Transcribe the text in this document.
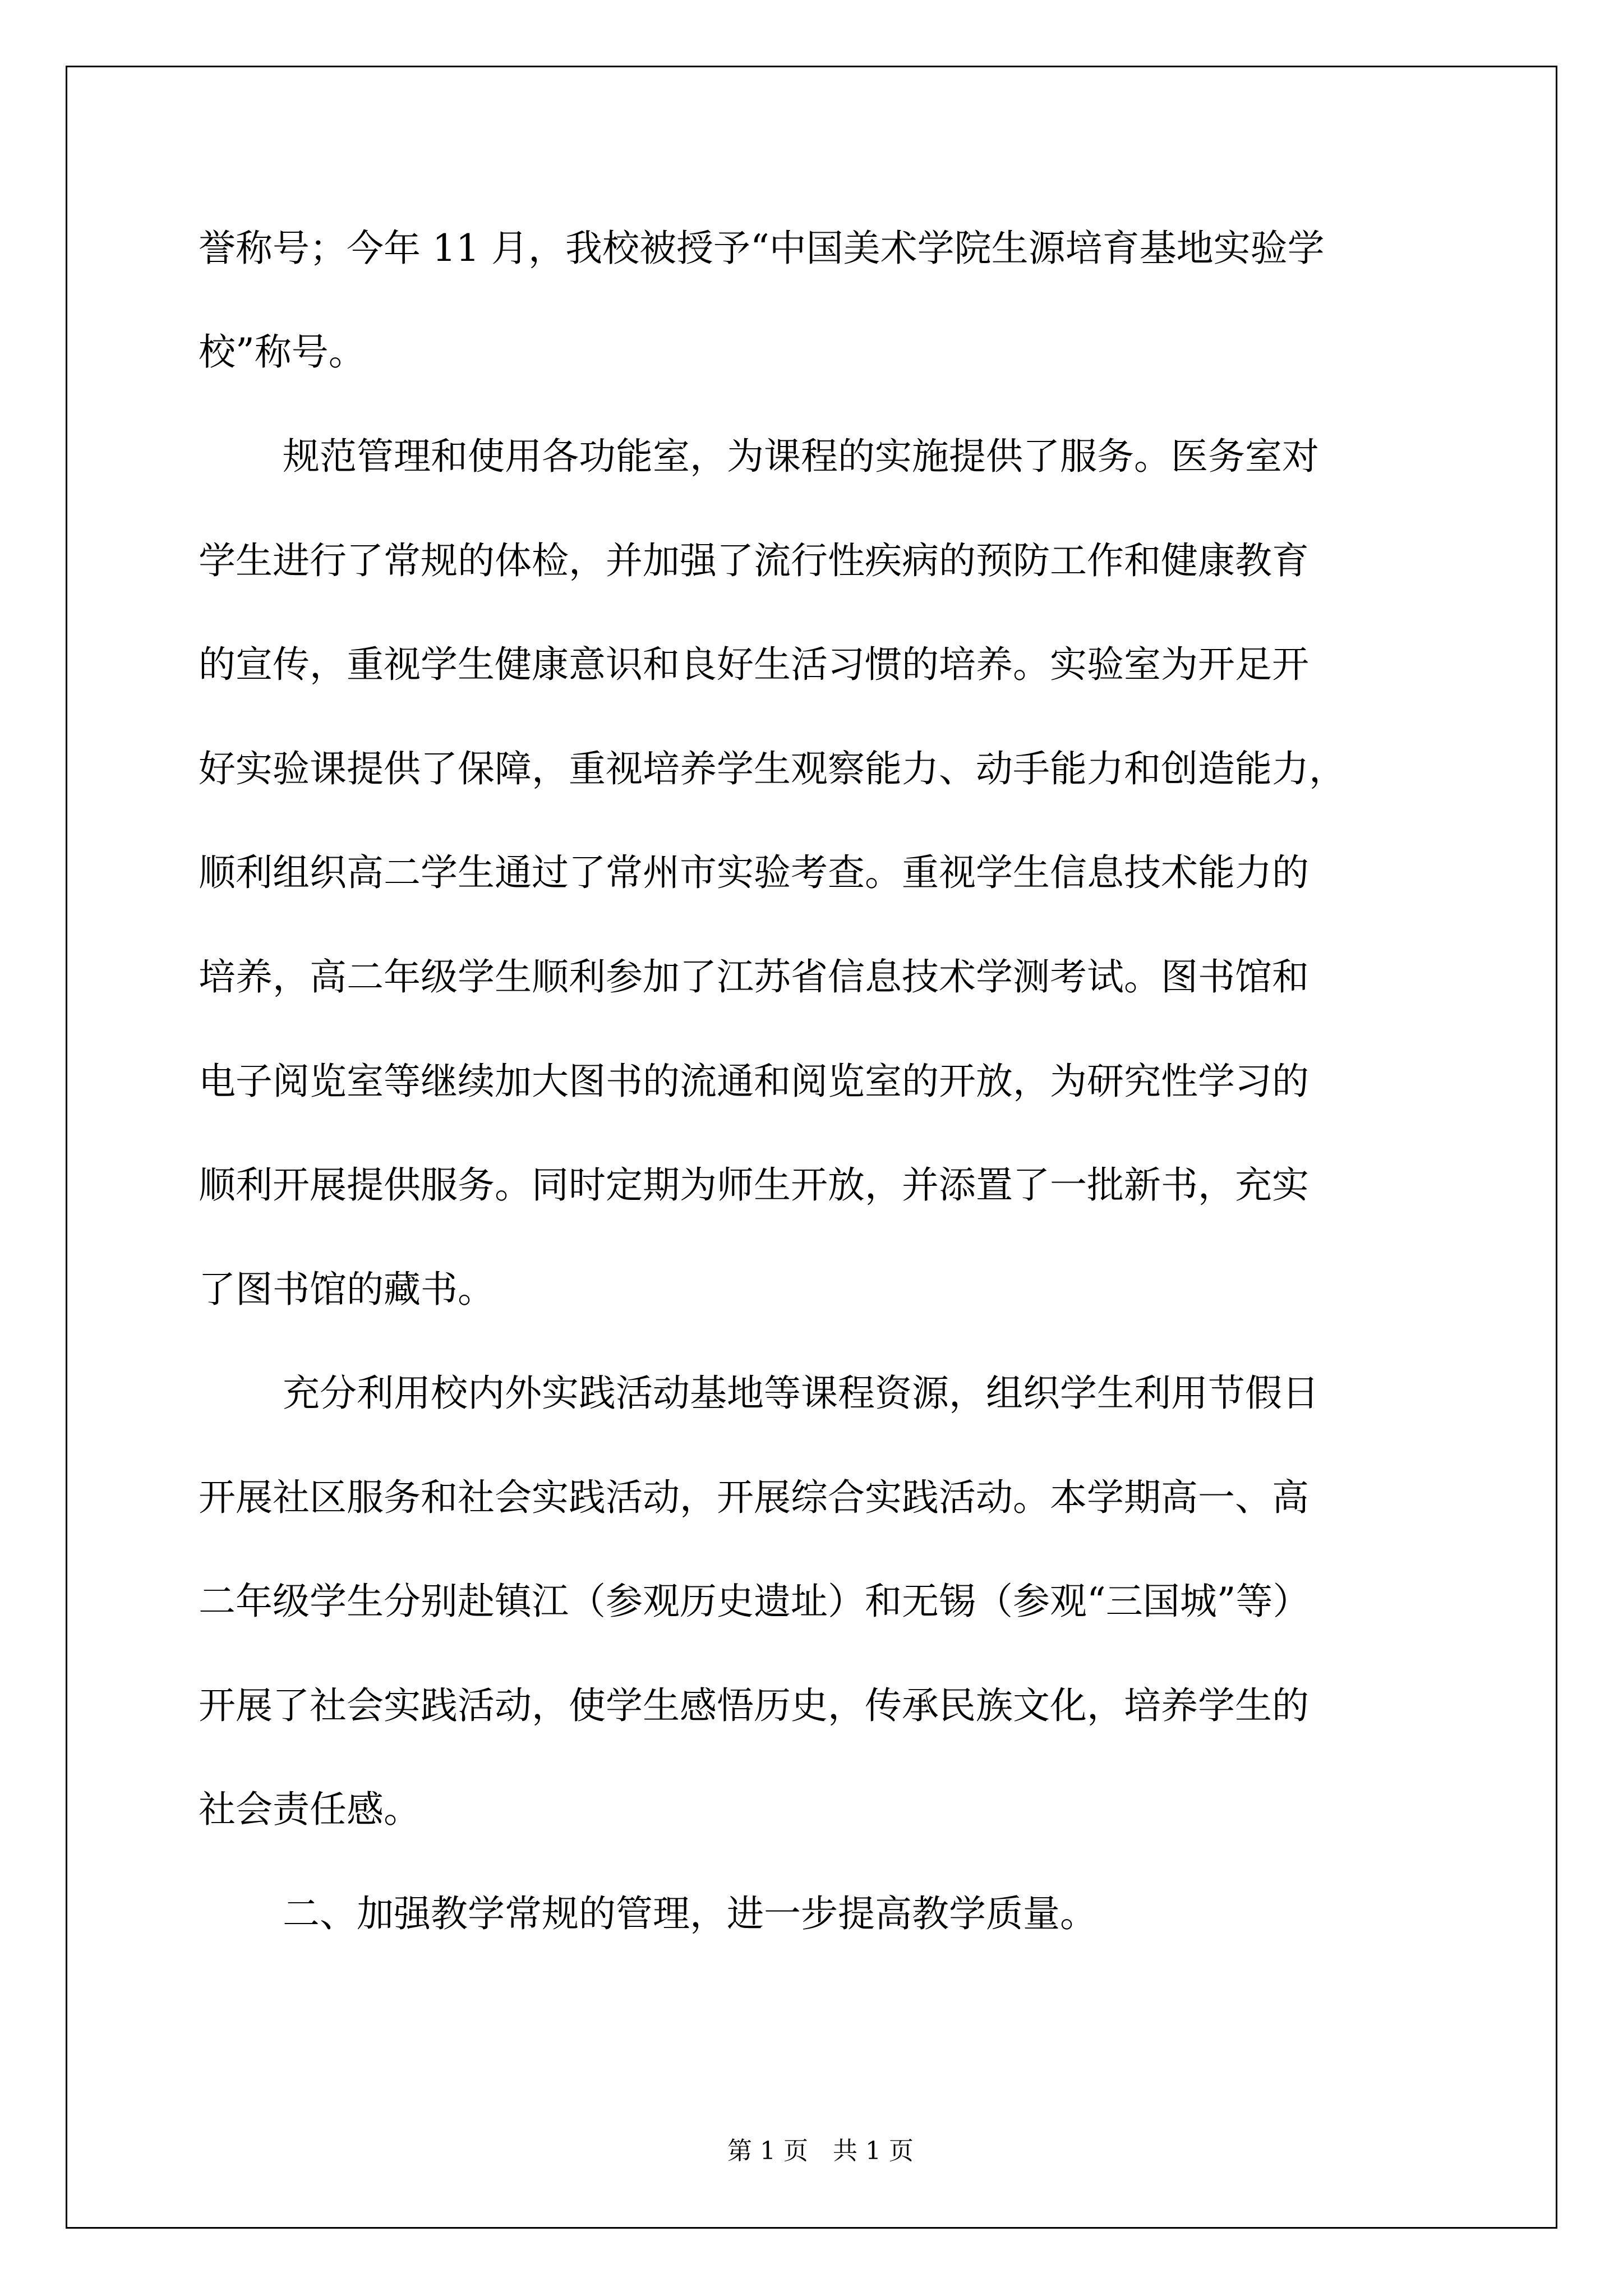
誉称号；今年 11 月，我校被授予“中国美术学院生源培育基地实验学

校”称号。

规范管理和使用各功能室，为课程的实施提供了服务。医务室对

学生进行了常规的体检，并加强了流行性疾病的预防工作和健康教育

的宣传，重视学生健康意识和良好生活习惯的培养。实验室为开足开

好实验课提供了保障，重视培养学生观察能力、动手能力和创造能力，

顺利组织高二学生通过了常州市实验考查。重视学生信息技术能力的

培养，高二年级学生顺利参加了江苏省信息技术学测考试。图书馆和

电子阅览室等继续加大图书的流通和阅览室的开放，为研究性学习的

顺利开展提供服务。同时定期为师生开放，并添置了一批新书，充实

了图书馆的藏书。

充分利用校内外实践活动基地等课程资源，组织学生利用节假日

开展社区服务和社会实践活动，开展综合实践活动。本学期高一、高

二年级学生分别赴镇江（参观历史遗址）和无锡（参观“三国城”等）

开展了社会实践活动，使学生感悟历史，传承民族文化，培养学生的

社会责任感。

二、加强教学常规的管理，进一步提高教学质量。

第 1 页　共 1 页
